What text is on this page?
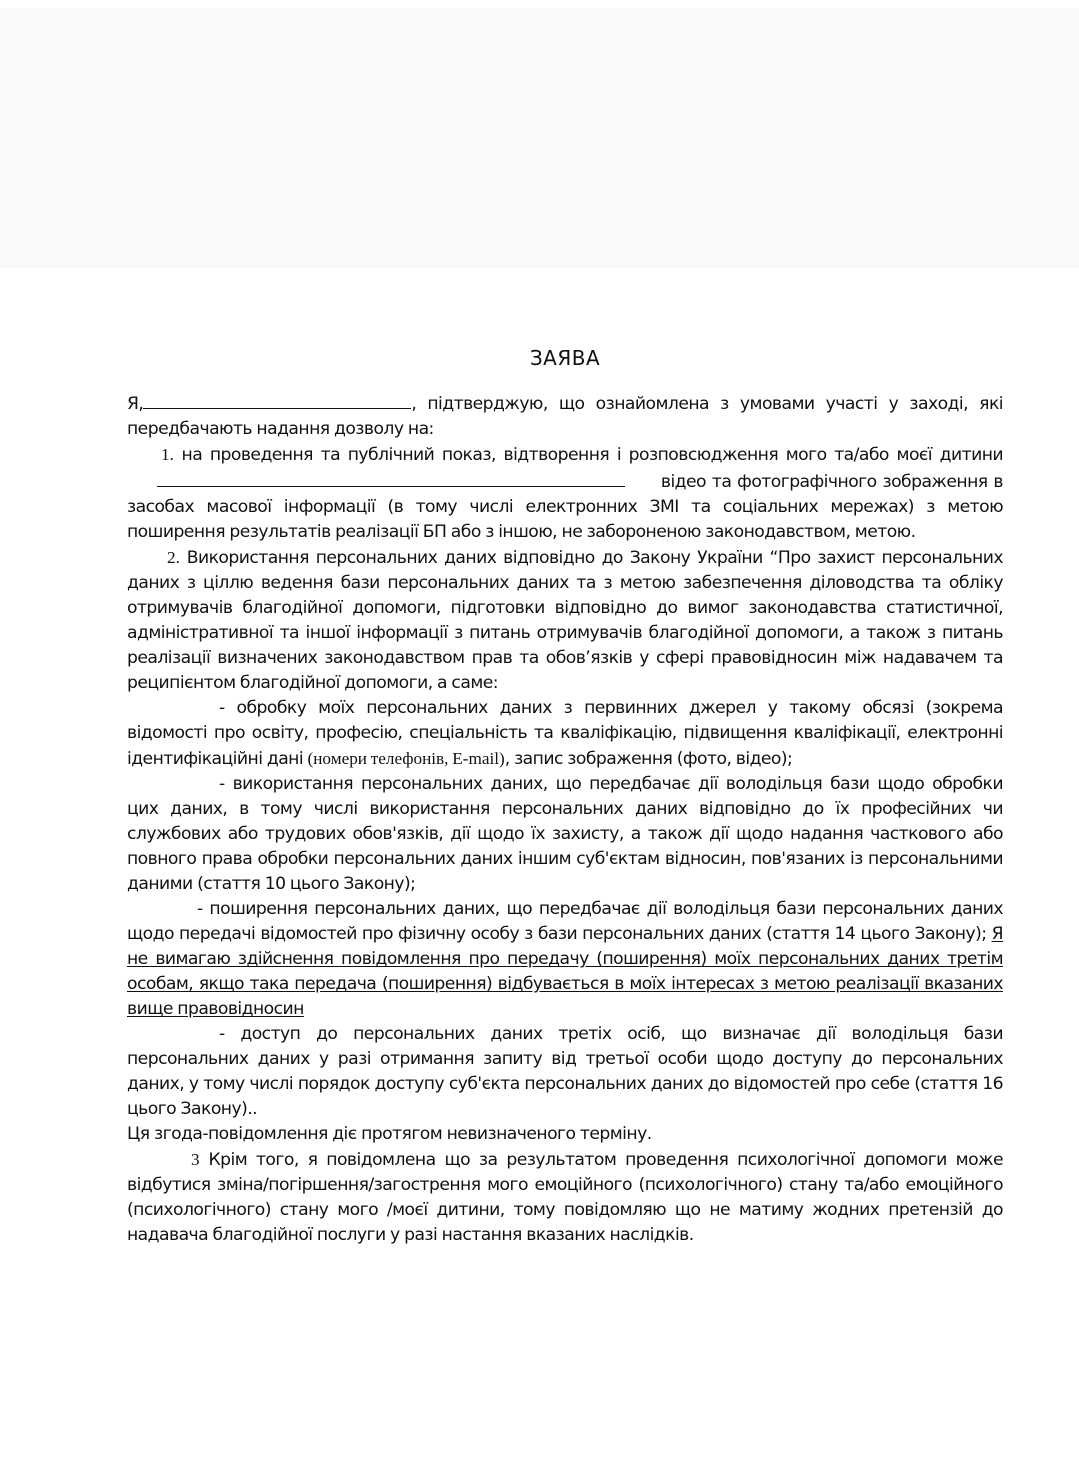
ЗАЯВА

Я,	, підтверджую, що ознайомлена з умовами участі у заході, які передбачають надання дозволу на:

1. на проведення та публічний показ, відтворення і розповсюдження мого та/або моєї дитини  відео та фотографічного зображення в засобах масової інформації (в тому числі електронних ЗМІ та соціальних мережах) з метою поширення результатів реалізації БП або з іншою, не забороненою законодавством, метою.

2. Використання персональних даних відповідно до Закону України “Про захист персональних даних з ціллю ведення бази персональних даних та з метою забезпечення діловодства та обліку отримувачів благодійної допомоги, підготовки відповідно до вимог законодавства статистичної, адміністративної та іншої інформації з питань отримувачів благодійної допомоги, а також з питань реалізації визначених законодавством прав та обов’язків у сфері правовідносин між надавачем та реципієнтом благодійної допомоги, а саме:

- обробку моїх персональних даних з первинних джерел у такому обсязі (зокрема відомості про освіту, професію, спеціальність та кваліфікацію, підвищення кваліфікації, електронні ідентифікаційні дані (номери телефонів, E-mail), запис зображення (фото, відео);

- використання персональних даних, що передбачає дії володільця бази щодо обробки цих даних, в тому числі використання персональних даних відповідно до їх професійних чи службових або трудових обов'язків, дії щодо їх захисту, а також дії щодо надання часткового або повного права обробки персональних даних іншим суб'єктам відносин, пов'язаних із персональними даними (стаття 10 цього Закону);

- поширення персональних даних, що передбачає дії володільця бази персональних даних щодо передачі відомостей про фізичну особу з бази персональних даних (стаття 14 цього Закону); Я не вимагаю здійснення повідомлення про передачу (поширення) моїх персональних даних третім особам, якщо така передача (поширення) відбувається в моїх інтересах з метою реалізації вказаних вище правовідносин

- доступ до персональних даних третіх осіб, що визначає дії володільця бази персональних даних у разі отримання запиту від третьої особи щодо доступу до персональних даних, у тому числі порядок доступу суб'єкта персональних даних до відомостей про себе (стаття 16 цього Закону)..

Ця згода-повідомлення діє протягом невизначеного терміну.

3 Крім того, я повідомлена що за результатом проведення психологічної допомоги може відбутися зміна/погіршення/загострення мого емоційного (психологічного) стану та/або емоційного (психологічного) стану мого /моєї дитини, тому повідомляю що не матиму жодних претензій до надавача благодійної послуги у разі настання вказаних наслідків.
